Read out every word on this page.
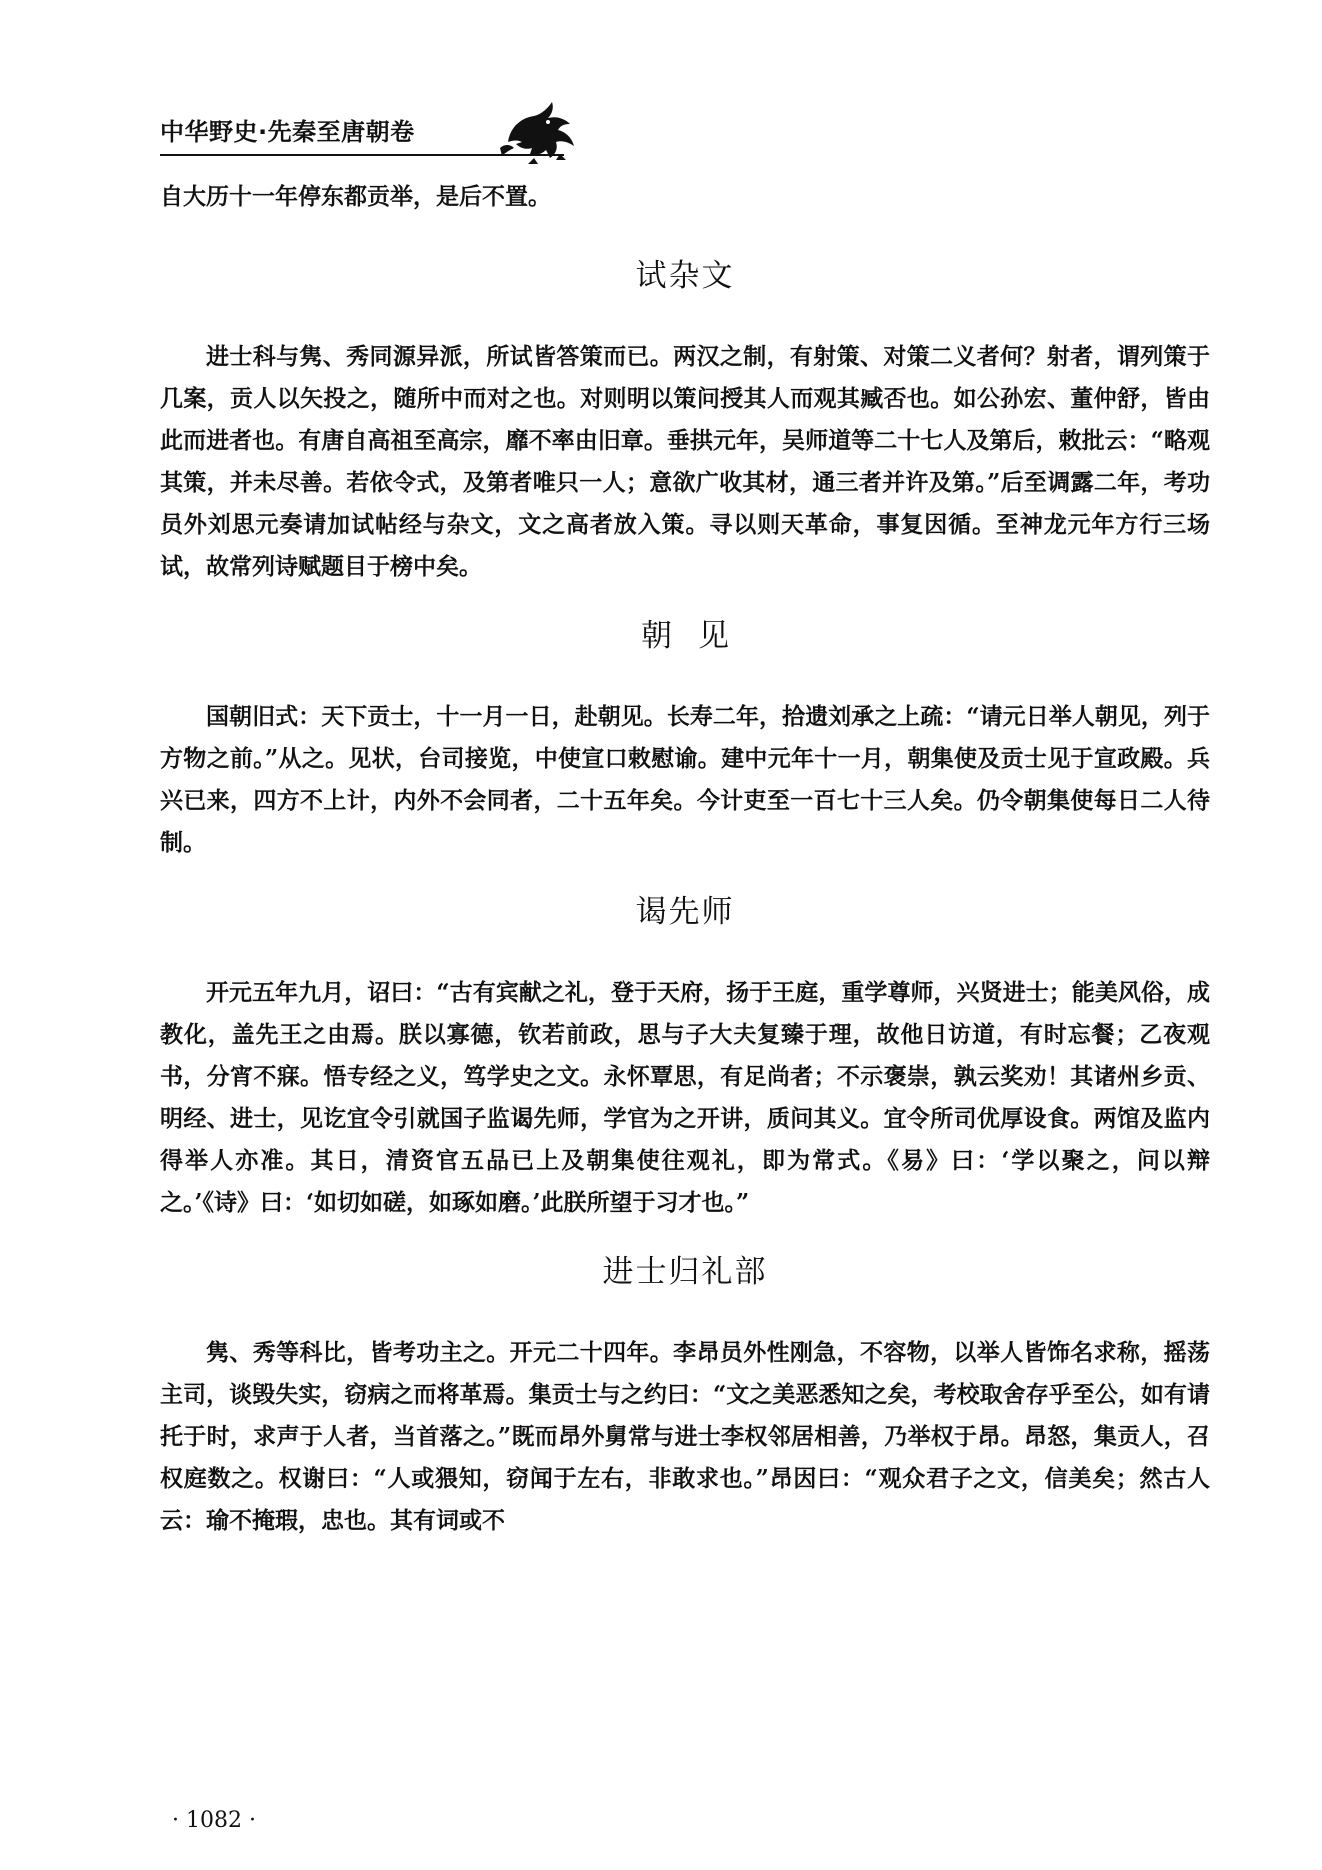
中华野史·先秦至唐朝卷

自大历十一年停东都贡举，是后不置。

试杂文

进士科与隽、秀同源异派，所试皆答策而已。两汉之制，有射策、对策二义者何？射者，谓列策于几案，贡人以矢投之，随所中而对之也。对则明以策问授其人而观其臧否也。如公孙宏、董仲舒，皆由此而进者也。有唐自高祖至高宗，靡不率由旧章。垂拱元年，吴师道等二十七人及第后，敕批云：“略观其策，并未尽善。若依令式，及第者唯只一人；意欲广收其材，通三者并许及第。”后至调露二年，考功员外刘思元奏请加试帖经与杂文，文之高者放入策。寻以则天革命，事复因循。至神龙元年方行三场试，故常列诗赋题目于榜中矣。

朝见

国朝旧式：天下贡士，十一月一日，赴朝见。长寿二年，拾遗刘承之上疏：“请元日举人朝见，列于方物之前。”从之。见状，台司接览，中使宣口敕慰谕。建中元年十一月，朝集使及贡士见于宣政殿。兵兴已来，四方不上计，内外不会同者，二十五年矣。今计吏至一百七十三人矣。仍令朝集使每日二人待制。

谒先师

开元五年九月，诏曰：“古有宾献之礼，登于天府，扬于王庭，重学尊师，兴贤进士；能美风俗，成教化，盖先王之由焉。朕以寡德，钦若前政，思与子大夫复臻于理，故他日访道，有时忘餐；乙夜观书，分宵不寐。悟专经之义，笃学史之文。永怀覃思，有足尚者；不示褒崇，孰云奖劝！其诸州乡贡、明经、进士，见讫宜令引就国子监谒先师，学官为之开讲，质问其义。宜令所司优厚设食。两馆及监内得举人亦准。其日，清资官五品已上及朝集使往观礼，即为常式。《易》曰：‘学以聚之，问以辩之。’《诗》曰：‘如切如磋，如琢如磨。’此朕所望于习才也。”

进士归礼部

隽、秀等科比，皆考功主之。开元二十四年。李昂员外性刚急，不容物，以举人皆饰名求称，摇荡主司，谈毁失实，窃病之而将革焉。集贡士与之约曰：“文之美恶悉知之矣，考校取舍存乎至公，如有请托于时，求声于人者，当首落之。”既而昂外舅常与进士李权邻居相善，乃举权于昂。昂怒，集贡人，召权庭数之。权谢曰：“人或猥知，窃闻于左右，非敢求也。”昂因曰：“观众君子之文，信美矣；然古人云：瑜不掩瑕，忠也。其有词或不

· 1082 ·
